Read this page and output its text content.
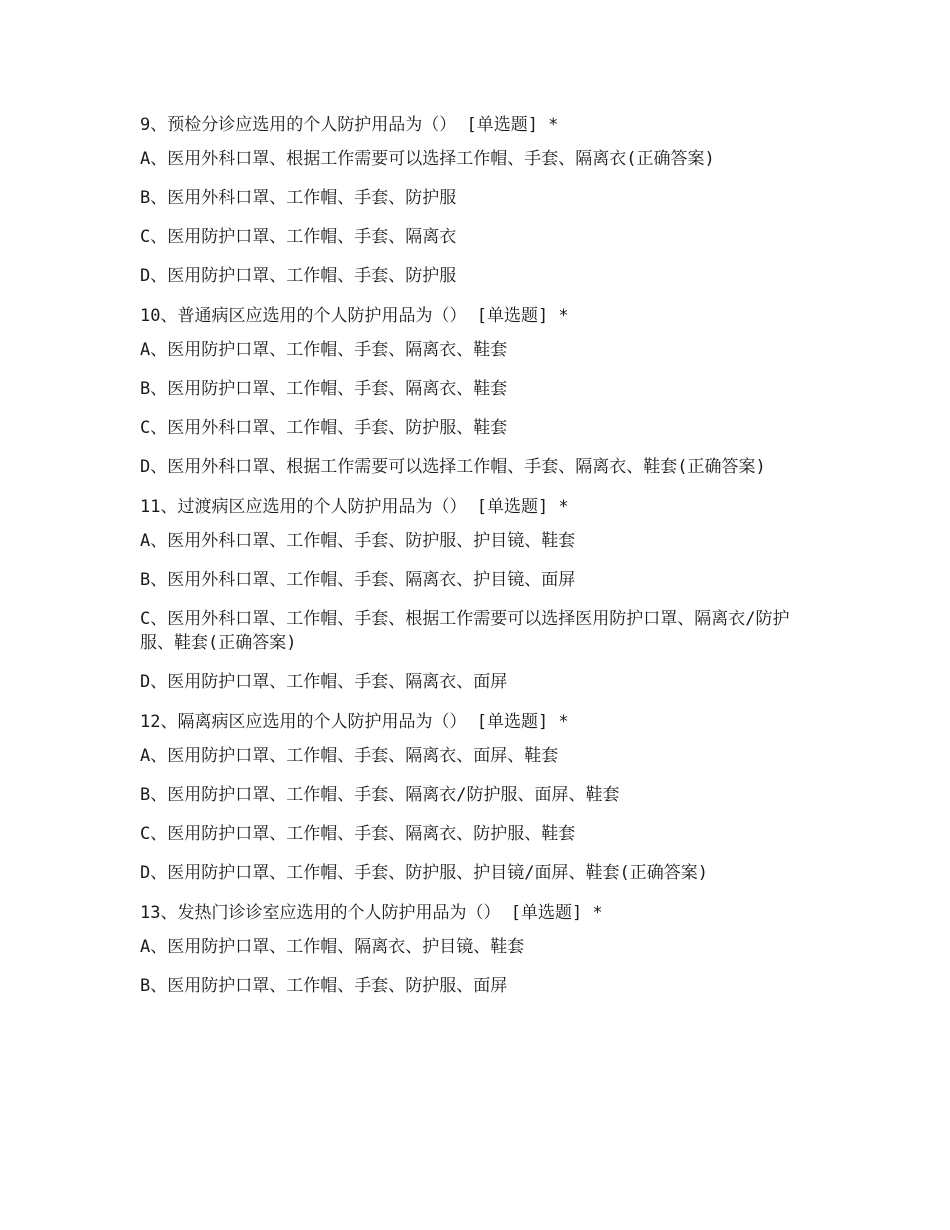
9、预检分诊应选用的个人防护用品为（） [单选题] *
A、医用外科口罩、根据工作需要可以选择工作帽、手套、隔离衣(正确答案)
B、医用外科口罩、工作帽、手套、防护服
C、医用防护口罩、工作帽、手套、隔离衣
D、医用防护口罩、工作帽、手套、防护服
10、普通病区应选用的个人防护用品为（） [单选题] *
A、医用防护口罩、工作帽、手套、隔离衣、鞋套
B、医用防护口罩、工作帽、手套、隔离衣、鞋套
C、医用外科口罩、工作帽、手套、防护服、鞋套
D、医用外科口罩、根据工作需要可以选择工作帽、手套、隔离衣、鞋套(正确答案)
11、过渡病区应选用的个人防护用品为（） [单选题] *
A、医用外科口罩、工作帽、手套、防护服、护目镜、鞋套
B、医用外科口罩、工作帽、手套、隔离衣、护目镜、面屏
C、医用外科口罩、工作帽、手套、根据工作需要可以选择医用防护口罩、隔离衣/防护服、鞋套(正确答案)
D、医用防护口罩、工作帽、手套、隔离衣、面屏
12、隔离病区应选用的个人防护用品为（） [单选题] *
A、医用防护口罩、工作帽、手套、隔离衣、面屏、鞋套
B、医用防护口罩、工作帽、手套、隔离衣/防护服、面屏、鞋套
C、医用防护口罩、工作帽、手套、隔离衣、防护服、鞋套
D、医用防护口罩、工作帽、手套、防护服、护目镜/面屏、鞋套(正确答案)
13、发热门诊诊室应选用的个人防护用品为（） [单选题] *
A、医用防护口罩、工作帽、隔离衣、护目镜、鞋套
B、医用防护口罩、工作帽、手套、防护服、面屏
